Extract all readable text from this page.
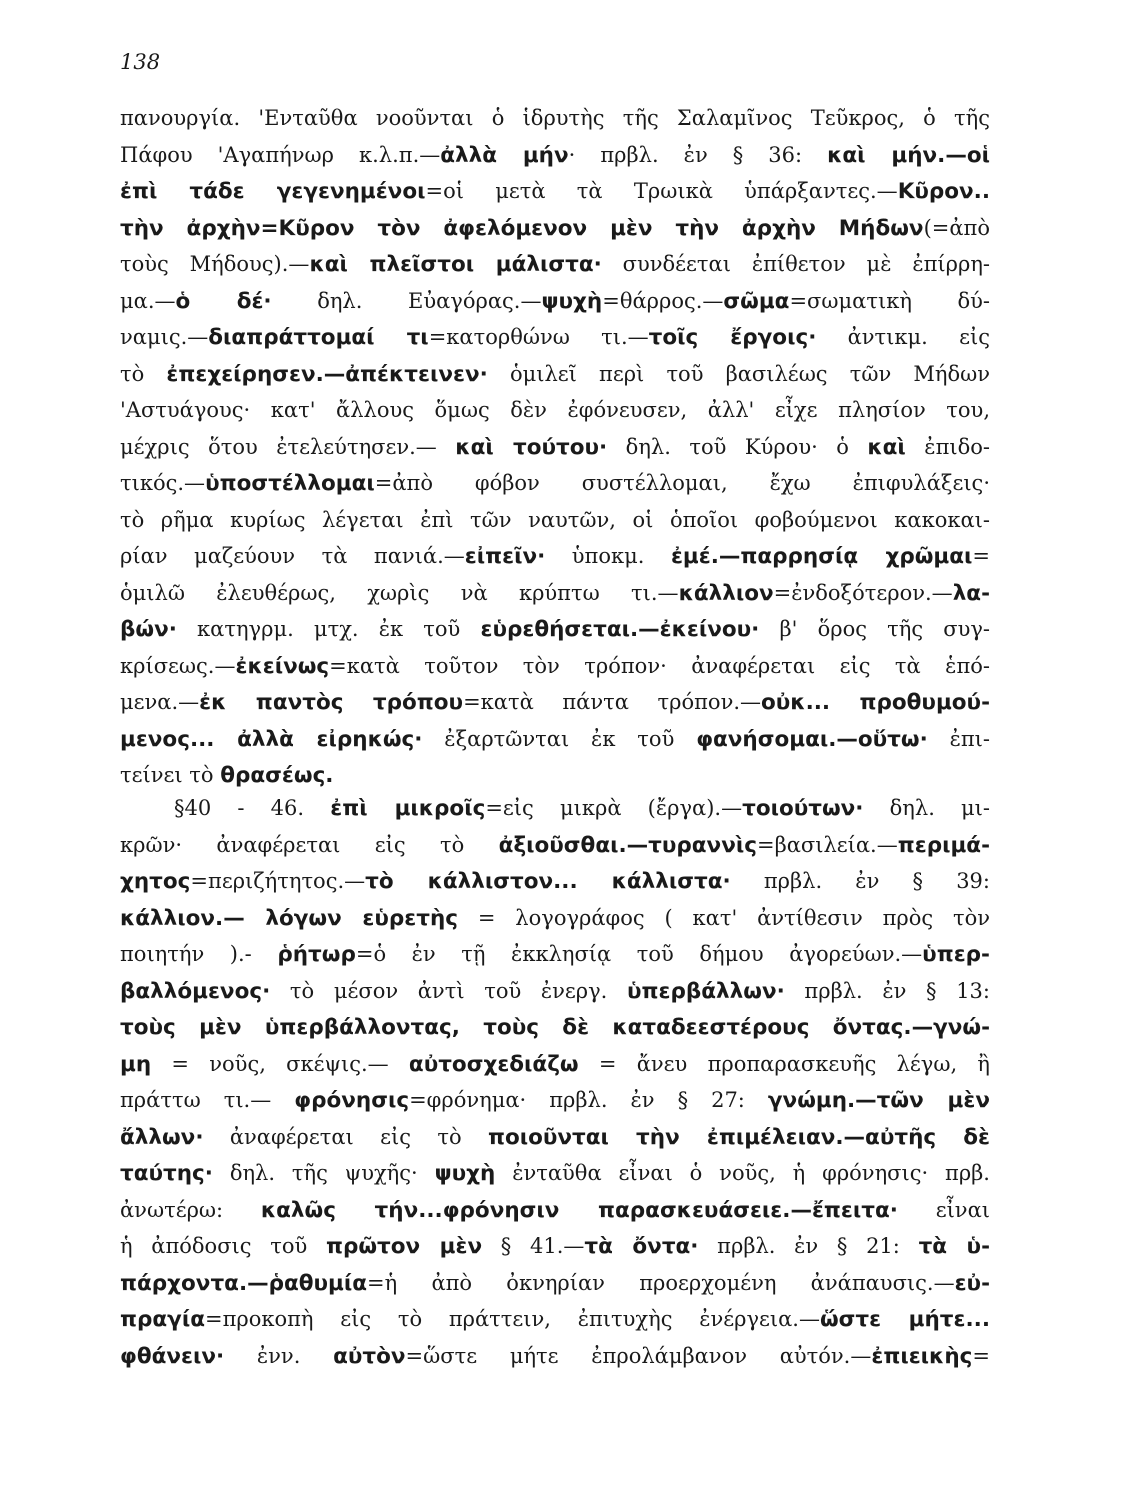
138
πανουργία. 'Ενταῦθα νοοῦνται ὁ ἱδρυτὴς τῆς Σαλαμῖνος Τεῦκρος, ὁ τῆς
Πάφου 'Αγαπήνωρ κ.λ.π.—ἀλλὰ μήν· πρβλ. ἐν § 36: καὶ μήν.—οἱ
ἐπὶ τάδε γεγενημένοι=οἱ μετὰ τὰ Τρωικὰ ὑπάρξαντες.—Κῦρον..
τὴν ἀρχὴν=Κῦρον τὸν ἀφελόμενον μὲν τὴν ἀρχὴν Μήδων(=ἀπὸ
τοὺς Μήδους).—καὶ πλεῖστοι μάλιστα· συνδέεται ἐπίθετον μὲ ἐπίρρη-
μα.—ὁ δέ· δηλ. Εὐαγόρας.—ψυχὴ=θάρρος.—σῶμα=σωματικὴ δύ-
ναμις.—διαπράττομαί τι=κατορθώνω τι.—τοῖς ἔργοις· ἀντικμ. εἰς
τὸ ἐπεχείρησεν.—ἀπέκτεινεν· ὁμιλεῖ περὶ τοῦ βασιλέως τῶν Μήδων
'Αστυάγους· κατ' ἄλλους ὅμως δὲν ἐφόνευσεν, ἀλλ' εἶχε πλησίον του,
μέχρις ὅτου ἐτελεύτησεν.— καὶ τούτου· δηλ. τοῦ Κύρου· ὁ καὶ ἐπιδο-
τικός.—ὑποστέλλομαι=ἀπὸ φόβον συστέλλομαι, ἔχω ἐπιφυλάξεις·
τὸ ρῆμα κυρίως λέγεται ἐπὶ τῶν ναυτῶν, οἱ ὁποῖοι φοβούμενοι κακοκαι-
ρίαν μαζεύουν τὰ πανιά.—εἰπεῖν· ὑποκμ. ἐμέ.—παρρησίᾳ χρῶμαι=
ὁμιλῶ ἐλευθέρως, χωρὶς νὰ κρύπτω τι.—κάλλιον=ἐνδοξότερον.—λα-
βών· κατηγρμ. μτχ. ἐκ τοῦ εὑρεθήσεται.—ἐκείνου· β' ὅρος τῆς συγ-
κρίσεως.—ἐκείνως=κατὰ τοῦτον τὸν τρόπον· ἀναφέρεται εἰς τὰ ἑπό-
μενα.—ἐκ παντὸς τρόπου=κατὰ πάντα τρόπον.—οὐκ... προθυμού-
μενος... ἀλλὰ εἰρηκώς· ἐξαρτῶνται ἐκ τοῦ φανήσομαι.—οὕτω· ἐπι-
τείνει τὸ θρασέως.
§40 - 46. ἐπὶ μικροῖς=εἰς μικρὰ (ἔργα).—τοιούτων· δηλ. μι-
κρῶν· ἀναφέρεται εἰς τὸ ἀξιοῦσθαι.—τυραννὶς=βασιλεία.—περιμά-
χητος=περιζήτητος.—τὸ κάλλιστον... κάλλιστα· πρβλ. ἐν § 39:
κάλλιον.— λόγων εὑρετὴς = λογογράφος ( κατ' ἀντίθεσιν πρὸς τὸν
ποιητήν ).- ῥήτωρ=ὁ ἐν τῇ ἐκκλησίᾳ τοῦ δήμου ἀγορεύων.—ὑπερ-
βαλλόμενος· τὸ μέσον ἀντὶ τοῦ ἐνεργ. ὑπερβάλλων· πρβλ. ἐν § 13:
τοὺς μὲν ὑπερβάλλοντας, τοὺς δὲ καταδεεστέρους ὄντας.—γνώ-
μη = νοῦς, σκέψις.— αὐτοσχεδιάζω = ἄνευ προπαρασκευῆς λέγω, ἢ
πράττω τι.— φρόνησις=φρόνημα· πρβλ. ἐν § 27: γνώμη.—τῶν μὲν
ἄλλων· ἀναφέρεται εἰς τὸ ποιοῦνται τὴν ἐπιμέλειαν.—αὐτῆς δὲ
ταύτης· δηλ. τῆς ψυχῆς· ψυχὴ ἐνταῦθα εἶναι ὁ νοῦς, ἡ φρόνησις· πρβ.
ἀνωτέρω: καλῶς τήν...φρόνησιν παρασκευάσειε.—ἔπειτα· εἶναι
ἡ ἀπόδοσις τοῦ πρῶτον μὲν § 41.—τὰ ὄντα· πρβλ. ἐν § 21: τὰ ὑ-
πάρχοντα.—ῥαθυμία=ἡ ἀπὸ ὀκνηρίαν προερχομένη ἀνάπαυσις.—εὐ-
πραγία=προκοπὴ εἰς τὸ πράττειν, ἐπιτυχὴς ἐνέργεια.—ὥστε μήτε...
φθάνειν· ἐνν. αὐτὸν=ὥστε μήτε ἐπρολάμβανον αὐτόν.—ἐπιεικὴς=
